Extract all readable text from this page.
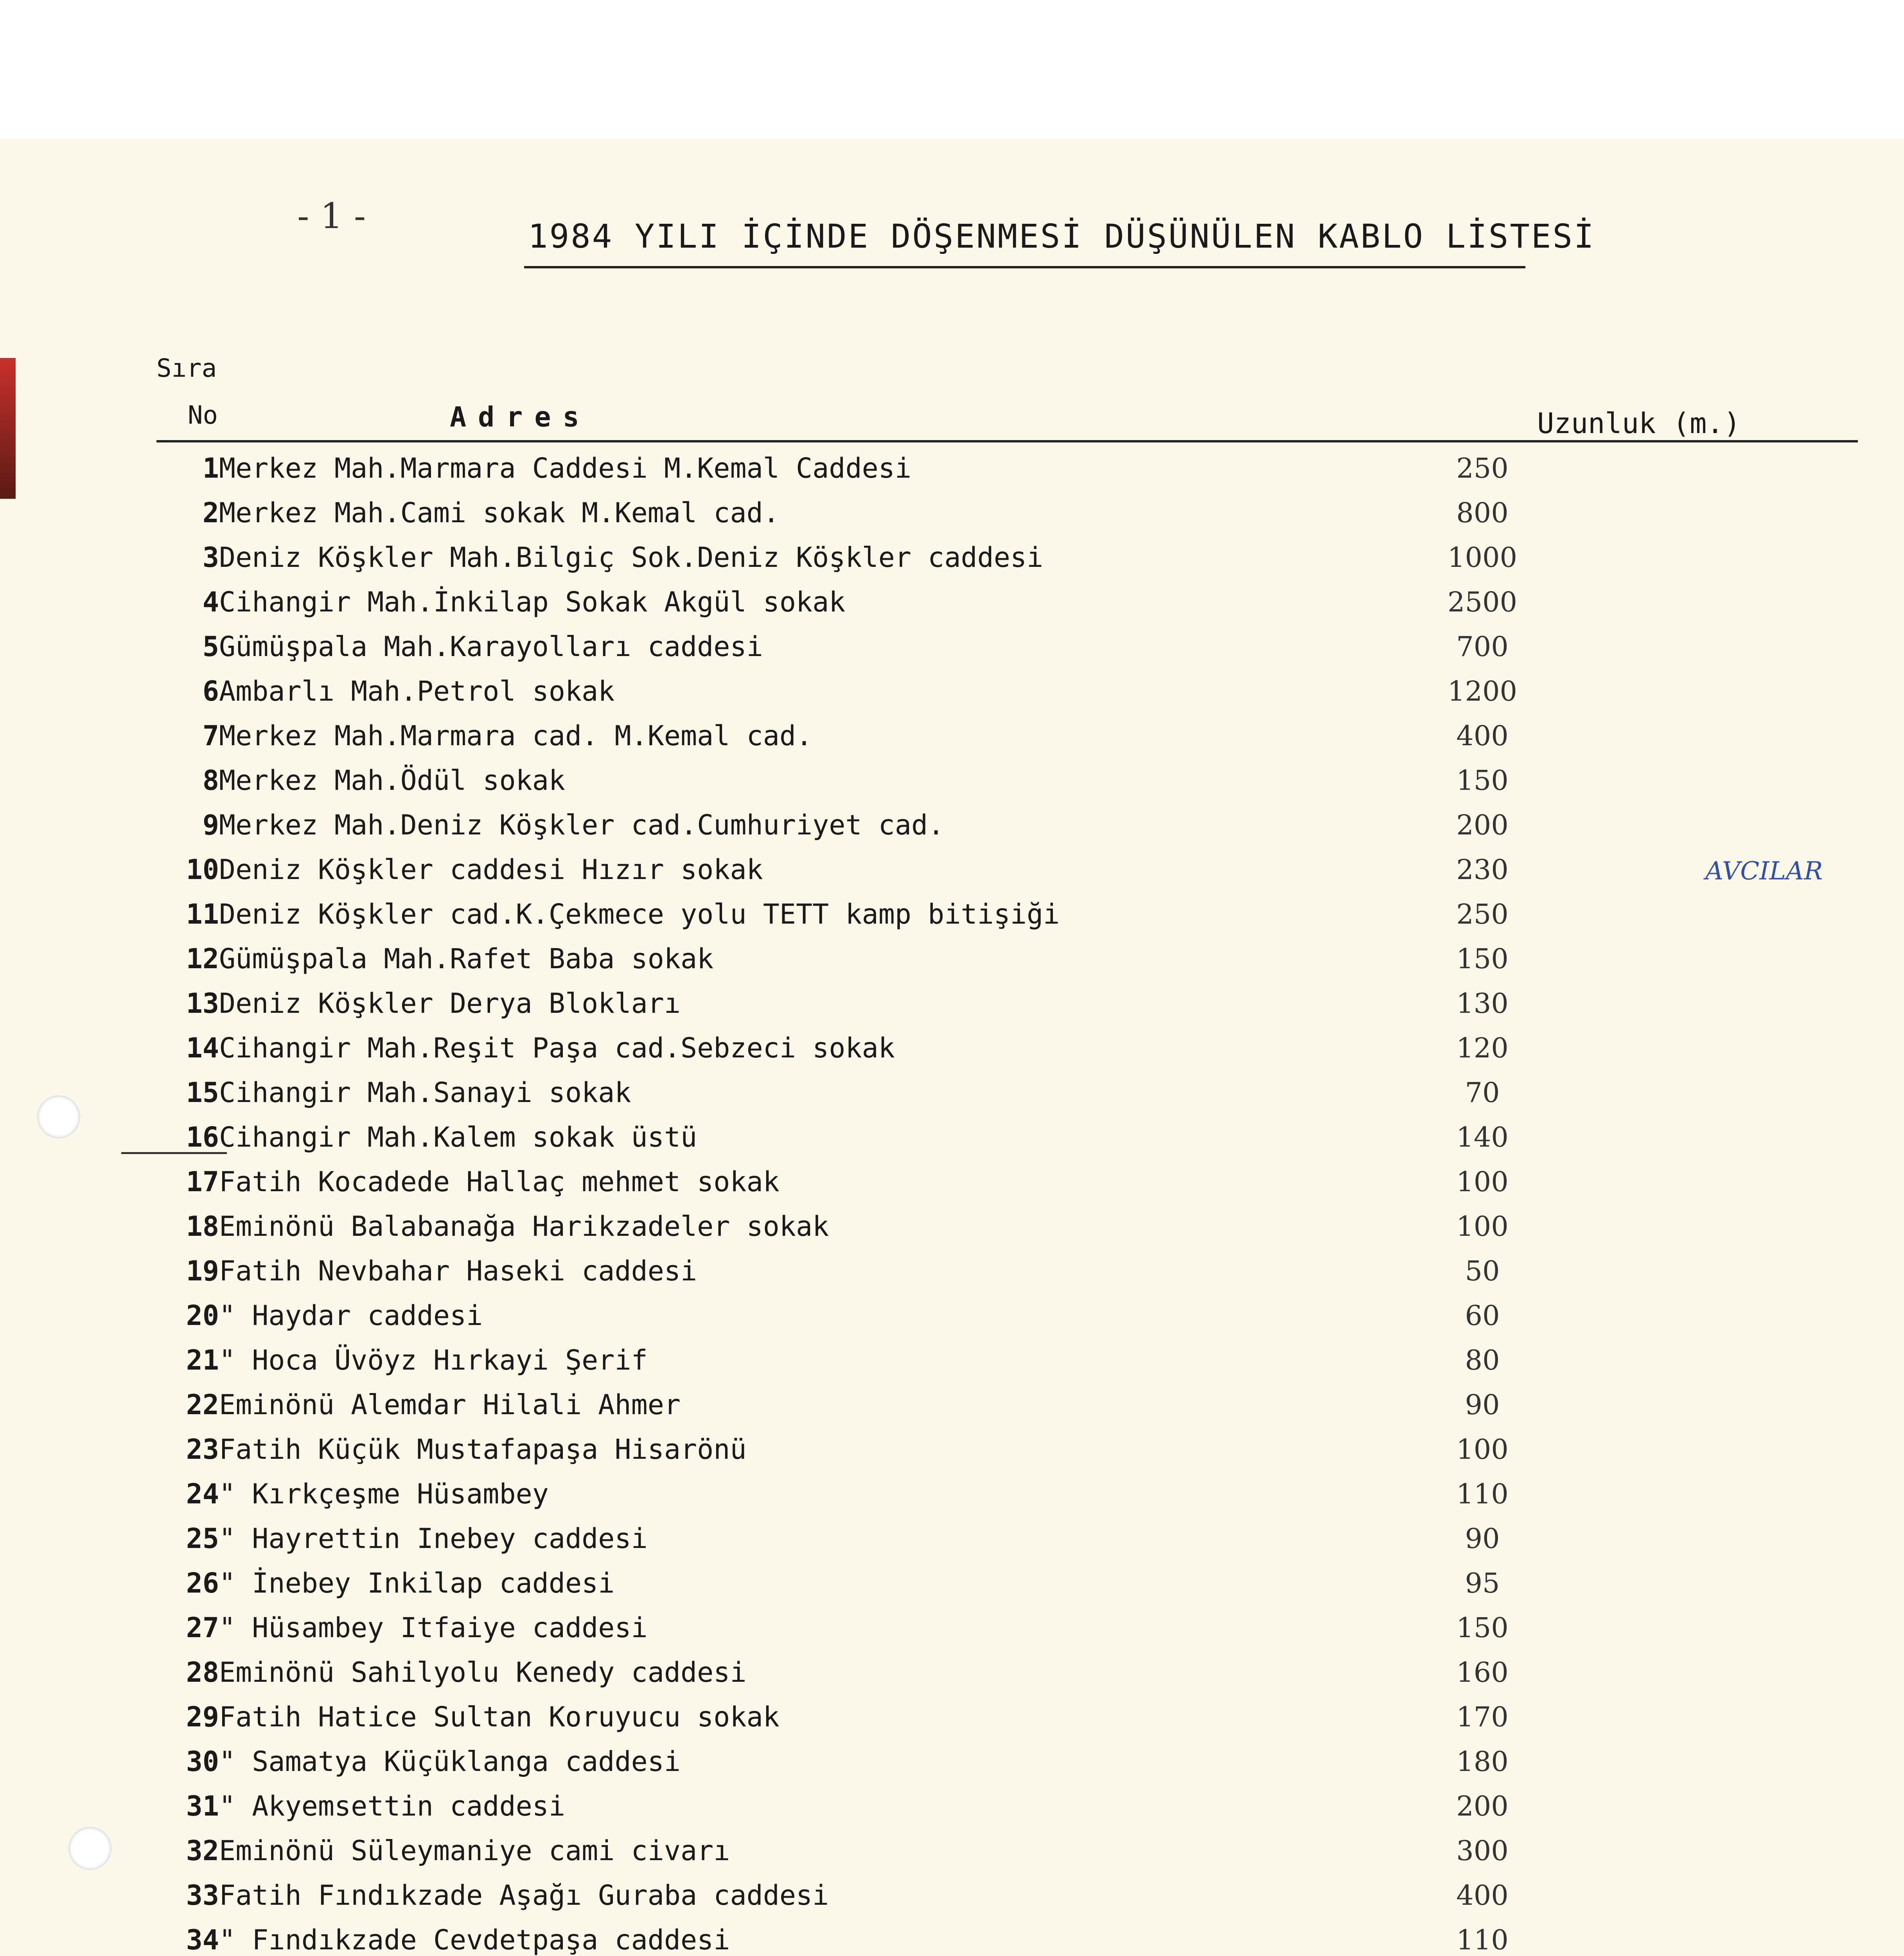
- 1 -	1984 YILI İÇİNDE DÖŞENMESİ DÜŞÜNÜLEN KABLO LİSTESİ
Sıra
No	Adres	Uzunluk (m.)
1	Merkez Mah.Marmara Caddesi M.Kemal Caddesi	250
2	Merkez Mah.Cami sokak M.Kemal cad.	800
3	Deniz Köşkler Mah.Bilgiç Sok.Deniz Köşkler caddesi	1000
4	Cihangir Mah.İnkilap Sokak Akgül sokak	2500
5	Gümüşpala Mah.Karayolları caddesi	700
6	Ambarlı Mah.Petrol sokak	1200
7	Merkez Mah.Marmara cad. M.Kemal cad.	400
8	Merkez Mah.Ödül sokak	150
9	Merkez Mah.Deniz Köşkler cad.Cumhuriyet cad.	200
10	Deniz Köşkler caddesi Hızır sokak	230
11	Deniz Köşkler cad.K.Çekmece yolu TETT kamp bitişiği	250
12	Gümüşpala Mah.Rafet Baba sokak	150
13	Deniz Köşkler Derya Blokları	130
14	Cihangir Mah.Reşit Paşa cad.Sebzeci sokak	120
15	Cihangir Mah.Sanayi sokak	70
16	Cihangir Mah.Kalem sokak üstü	140
17	Fatih Kocadede Hallaç mehmet sokak	100
18	Eminönü Balabanağa Harikzadeler sokak	100
19	Fatih Nevbahar Haseki caddesi	50
20	" Haydar caddesi	60
21	" Hoca Üvöyz Hırkayi Şerif	80
22	Eminönü Alemdar Hilali Ahmer	90
23	Fatih Küçük Mustafapaşa Hisarönü	100
24	" Kırkçeşme Hüsambey	110
25	" Hayrettin Inebey caddesi	90
26	" İnebey Inkilap caddesi	95
27	" Hüsambey Itfaiye caddesi	150
28	Eminönü Sahilyolu Kenedy caddesi	160
29	Fatih Hatice Sultan Koruyucu sokak	170
30	" Samatya Küçüklanga caddesi	180
31	" Akyemsettin caddesi	200
32	Eminönü Süleymaniye cami civarı	300
33	Fatih Fındıkzade Aşağı Guraba caddesi	400
34	" Fındıkzade Cevdetpaşa caddesi	110

AVCILAR
